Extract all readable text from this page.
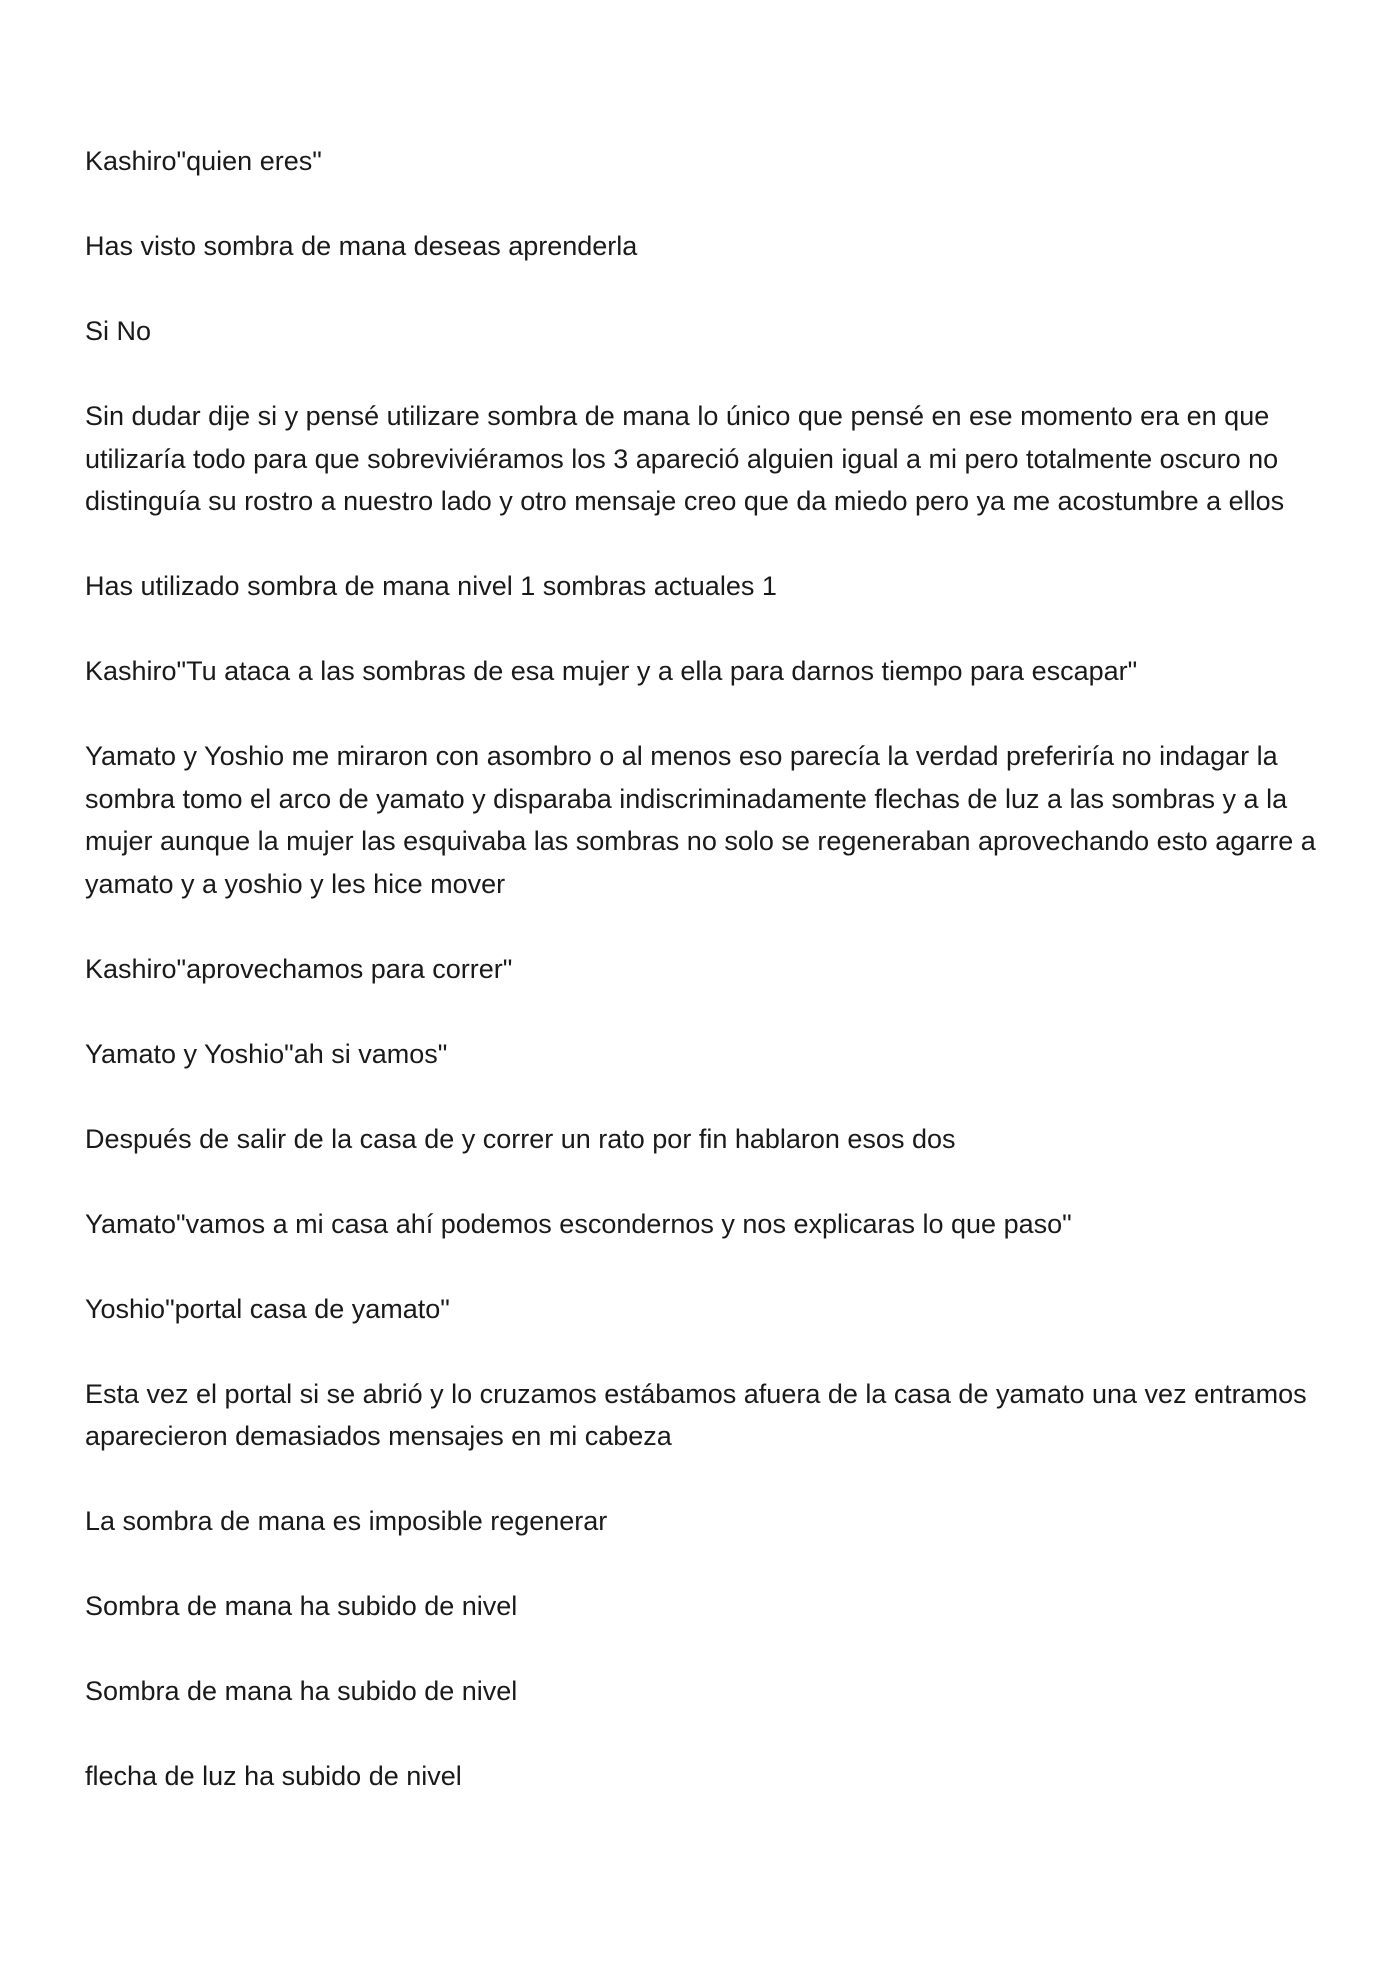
Kashiro"quien eres"

Has visto sombra de mana deseas aprenderla

Si No

Sin dudar dije si y pensé utilizare sombra de mana lo único que pensé en ese momento era en que utilizaría todo para que sobreviviéramos los 3 apareció alguien igual a mi pero totalmente oscuro no distinguía su rostro a nuestro lado y otro mensaje creo que da miedo pero ya me acostumbre a ellos

Has utilizado sombra de mana nivel 1 sombras actuales 1

Kashiro"Tu ataca a las sombras de esa mujer y a ella para darnos tiempo para escapar"

Yamato y Yoshio me miraron con asombro o al menos eso parecía la verdad preferiría no indagar la sombra tomo el arco de yamato y disparaba indiscriminadamente flechas de luz a las sombras y a la mujer aunque la mujer las esquivaba las sombras no solo se regeneraban aprovechando esto agarre a yamato y a yoshio y les hice mover

Kashiro"aprovechamos para correr"

Yamato y Yoshio"ah si vamos"

Después de salir de la casa de y correr un rato por fin hablaron esos dos

Yamato"vamos a mi casa ahí podemos escondernos y nos explicaras lo que paso"

Yoshio"portal casa de yamato"

Esta vez el portal si se abrió y lo cruzamos estábamos afuera de la casa de yamato una vez entramos aparecieron demasiados mensajes en mi cabeza

La sombra de mana es imposible regenerar

Sombra de mana ha subido de nivel

Sombra de mana ha subido de nivel

flecha de luz ha subido de nivel
